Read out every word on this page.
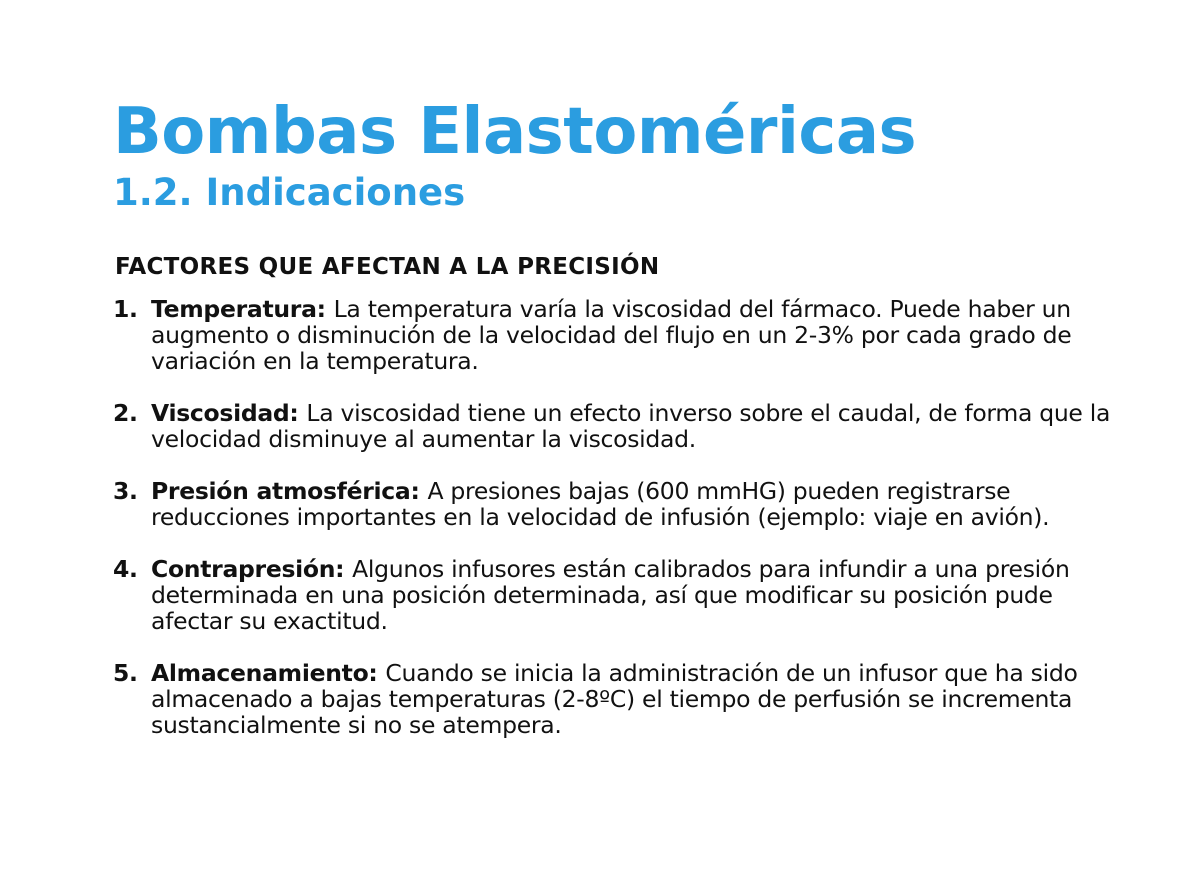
Bombas Elastoméricas
1.2. Indicaciones
FACTORES QUE AFECTAN A LA PRECISIÓN
1. Temperatura: La temperatura varía la viscosidad del fármaco. Puede haber un augmento o disminución de la velocidad del flujo en un 2-3% por cada grado de variación en la temperatura.
2. Viscosidad: La viscosidad tiene un efecto inverso sobre el caudal, de forma que la velocidad disminuye al aumentar la viscosidad.
3. Presión atmosférica: A presiones bajas (600 mmHG) pueden registrarse reducciones importantes en la velocidad de infusión (ejemplo: viaje en avión).
4. Contrapresión: Algunos infusores están calibrados para infundir a una presión determinada en una posición determinada, así que modificar su posición pude afectar su exactitud.
5. Almacenamiento: Cuando se inicia la administración de un infusor que ha sido almacenado a bajas temperaturas (2-8ºC) el tiempo de perfusión se incrementa sustancialmente si no se atempera.
